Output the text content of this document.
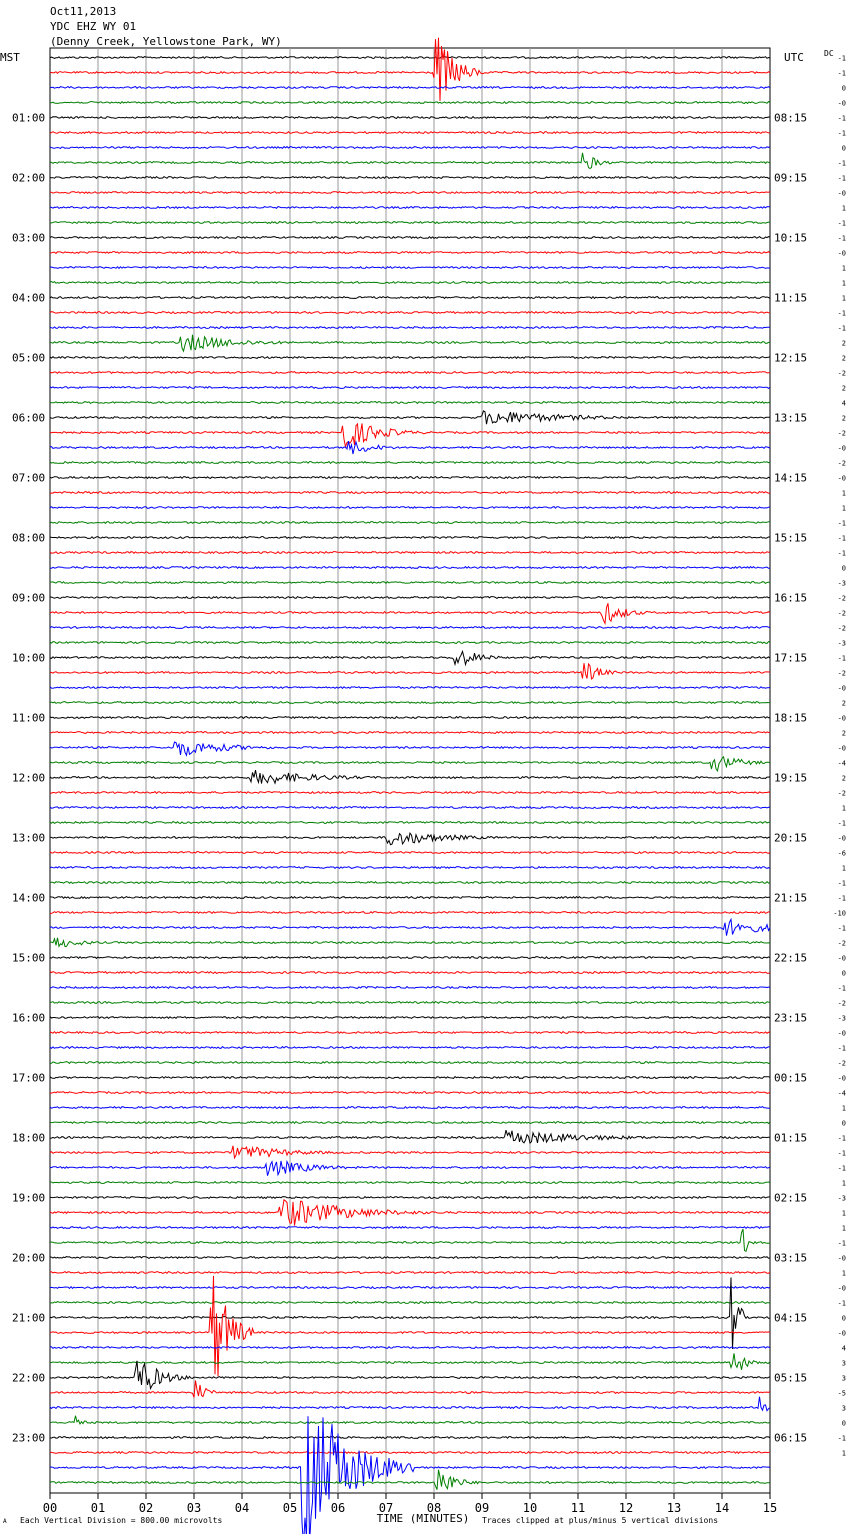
Oct11,2013
YDC EHZ WY 01
(Denny Creek, Yellowstone Park, WY)
MST	UTC	DC
01:00
02:00
03:00
04:00
05:00
06:00
07:00
08:00
09:00
10:00
11:00
12:00
13:00
14:00
15:00
16:00
17:00
18:00
19:00
20:00
21:00
22:00
23:00
08:15
09:15
10:15
11:15
12:15
13:15
14:15
15:15
16:15
17:15
18:15
19:15
20:15
21:15
22:15
23:15
00:15
01:15
02:15
03:15
04:15
05:15
06:15
-1
-1
0
-0
-1
-1
0
-1
-1
-0
1
-1
-1
-0
1
1
1
-1
-1
2
2
-2
2
4
2
-2
-0
-2
-0
1
1
-1
-1
-1
0
-3
-2
-2
-2
-3
-1
-2
-0
2
-0
2
-0
-4
2
-2
1
-1
-0
-6
1
-1
-1
-10
-1
-2
-0
0
-1
-2
-3
-0
-1
-2
-0
-4
1
0
-1
-1
-1
1
-3
1
1
-1
-0
1
-0
-1
0
-0
4
3
3
-5
3
0
-1
1
00	01	02	03	04	05	06	07	08	09	10	11	12	13	14	15
A Each Vertical Division = 800.00 microvolts	TIME (MINUTES) Traces clipped at plus/minus 5 vertical divisions
